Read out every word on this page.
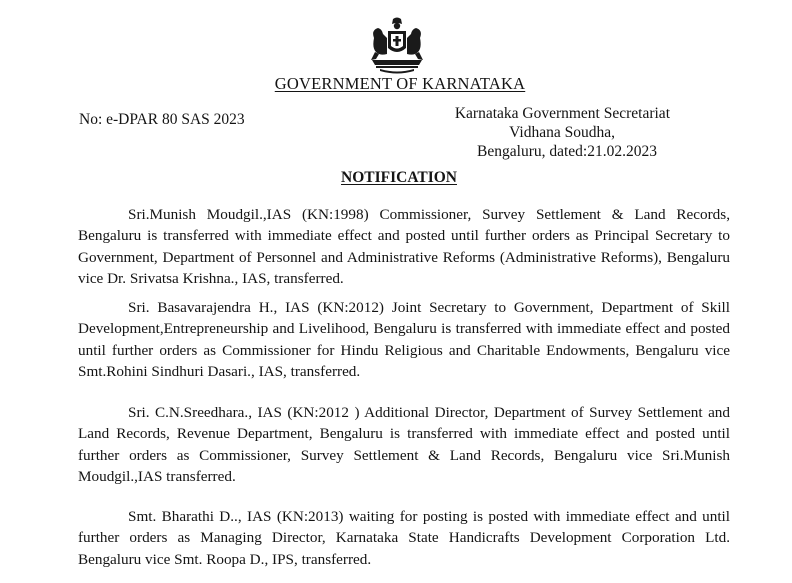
GOVERNMENT OF KARNATAKA
No: e-DPAR 80 SAS 2023	Karnataka Government Secretariat
Vidhana Soudha,
Bengaluru, dated:21.02.2023
NOTIFICATION

Sri.Munish Moudgil.,IAS (KN:1998) Commissioner, Survey Settlement & Land Records, Bengaluru is transferred with immediate effect and posted until further orders as Principal Secretary to Government, Department of Personnel and Administrative Reforms (Administrative Reforms), Bengaluru vice Dr. Srivatsa Krishna., IAS, transferred.

Sri. Basavarajendra H., IAS (KN:2012) Joint Secretary to Government, Department of Skill Development,Entrepreneurship and Livelihood, Bengaluru is transferred with immediate effect and posted until further orders as Commissioner for Hindu Religious and Charitable Endowments, Bengaluru vice Smt.Rohini Sindhuri Dasari., IAS, transferred.

Sri. C.N.Sreedhara., IAS (KN:2012 ) Additional Director, Department of Survey Settlement and Land Records, Revenue Department, Bengaluru is transferred with immediate effect and posted until further orders as Commissioner, Survey Settlement & Land Records, Bengaluru vice Sri.Munish Moudgil.,IAS transferred.

Smt. Bharathi D.., IAS (KN:2013) waiting for posting is posted with immediate effect and until further orders as Managing Director, Karnataka State Handicrafts Development Corporation Ltd. Bengaluru vice Smt. Roopa D., IPS, transferred.
